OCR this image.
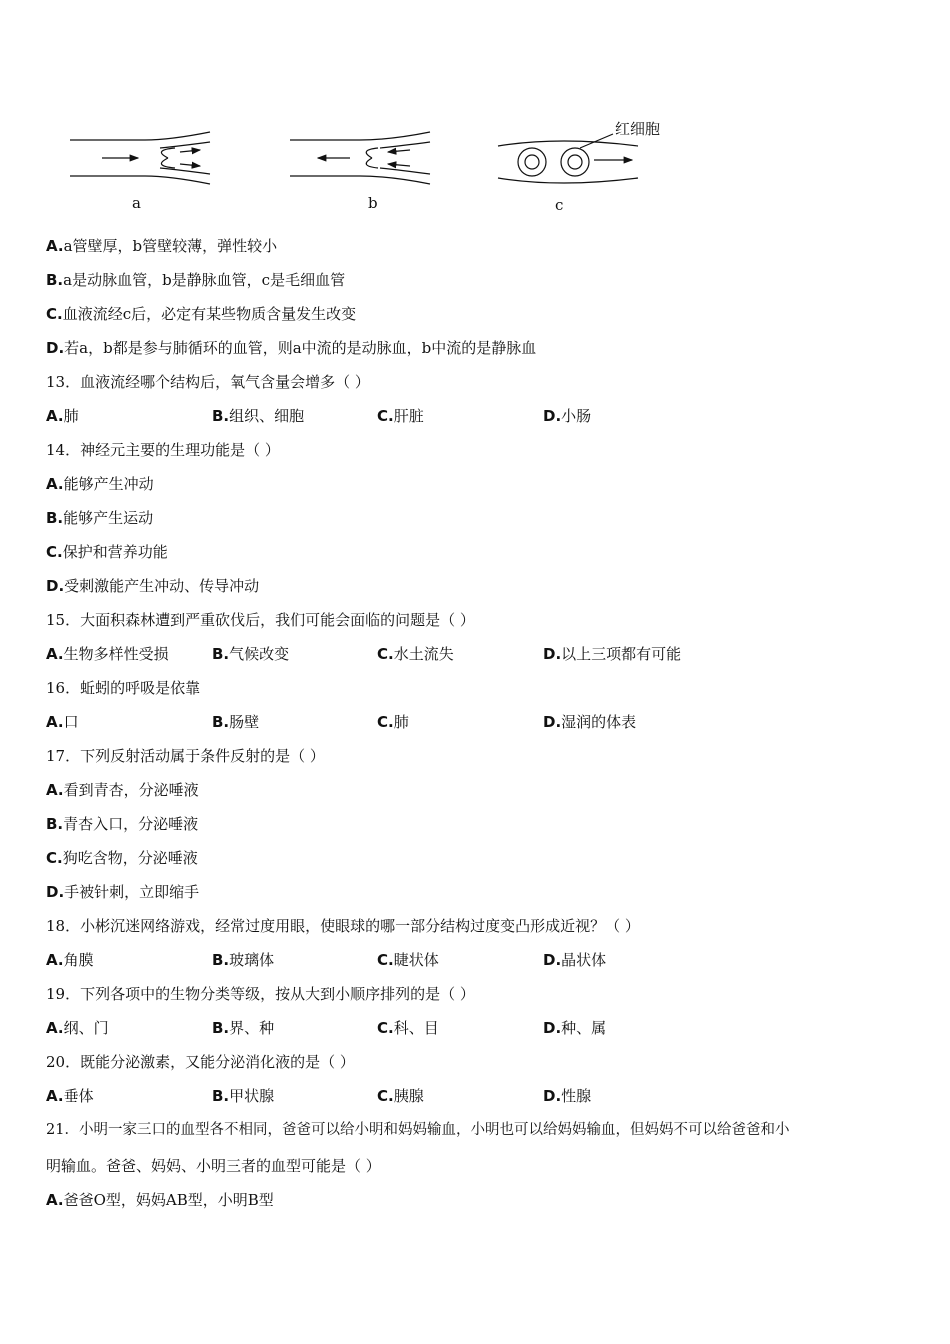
红细胞
a	b	c
A.a管壁厚，b管壁较薄，弹性较小
B.a是动脉血管，b是静脉血管，c是毛细血管
C.血液流经c后，必定有某些物质含量发生改变
D.若a，b都是参与肺循环的血管，则a中流的是动脉血，b中流的是静脉血
13．血液流经哪个结构后，氧气含量会增多（ ）
A.肺	B.组织、细胞	C.肝脏	D.小肠
14．神经元主要的生理功能是（ ）
A.能够产生冲动
B.能够产生运动
C.保护和营养功能
D.受刺激能产生冲动、传导冲动
15．大面积森林遭到严重砍伐后，我们可能会面临的问题是（ ）
A.生物多样性受损	B.气候改变	C.水土流失	D.以上三项都有可能
16．蚯蚓的呼吸是依靠
A.口	B.肠壁	C.肺	D.湿润的体表
17．下列反射活动属于条件反射的是（ ）
A.看到青杏，分泌唾液
B.青杏入口，分泌唾液
C.狗吃含物，分泌唾液
D.手被针刺，立即缩手
18．小彬沉迷网络游戏，经常过度用眼，使眼球的哪一部分结构过度变凸形成近视？（ ）
A.角膜	B.玻璃体	C.睫状体	D.晶状体
19．下列各项中的生物分类等级，按从大到小顺序排列的是（ ）
A.纲、门	B.界、种	C.科、目	D.种、属
20．既能分泌激素，又能分泌消化液的是（ ）
A.垂体	B.甲状腺	C.胰腺	D.性腺
21．小明一家三口的血型各不相同，爸爸可以给小明和妈妈输血，小明也可以给妈妈输血，但妈妈不可以给爸爸和小
明输血。爸爸、妈妈、小明三者的血型可能是（ ）
A.爸爸O型，妈妈AB型，小明B型
